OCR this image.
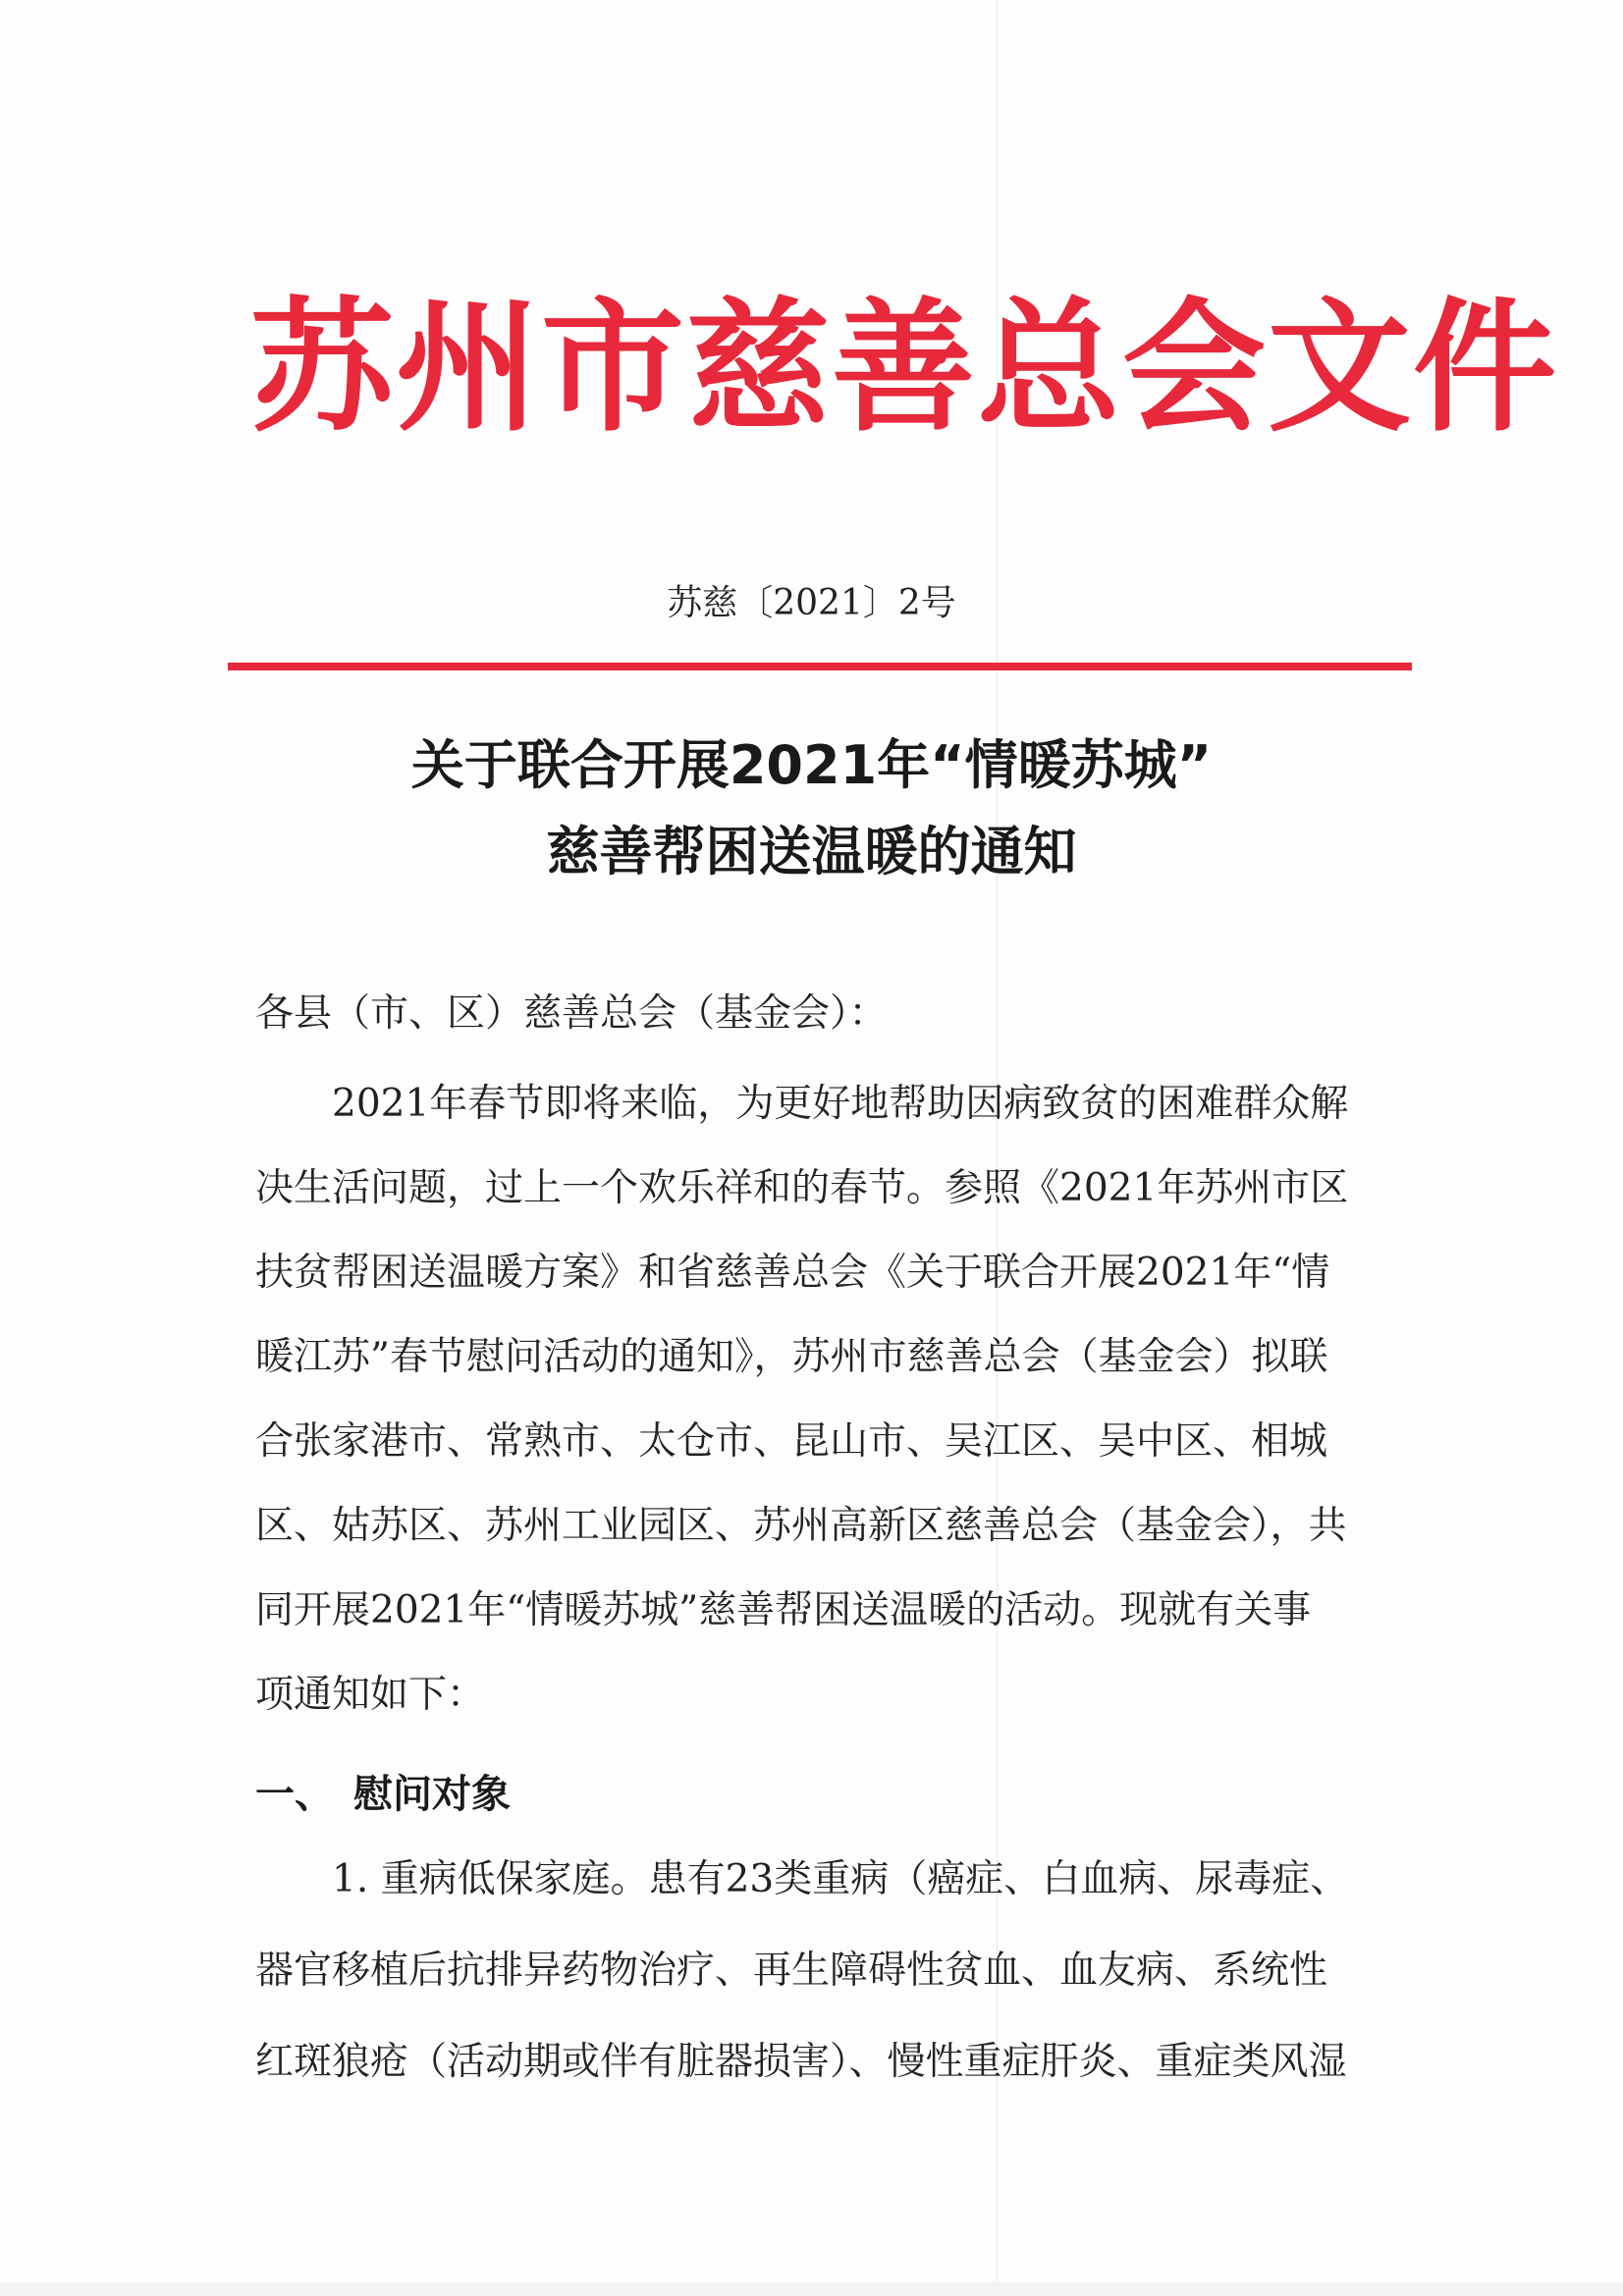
苏州市慈善总会文件
苏慈〔2021〕2号
关于联合开展2021年“情暖苏城”
慈善帮困送温暖的通知
各县（市、区）慈善总会（基金会）：
　　2021年春节即将来临，为更好地帮助因病致贫的困难群众解
决生活问题，过上一个欢乐祥和的春节。参照《2021年苏州市区
扶贫帮困送温暖方案》和省慈善总会《关于联合开展2021年“情
暖江苏”春节慰问活动的通知》，苏州市慈善总会（基金会）拟联
合张家港市、常熟市、太仓市、昆山市、吴江区、吴中区、相城
区、姑苏区、苏州工业园区、苏州高新区慈善总会（基金会），共
同开展2021年“情暖苏城”慈善帮困送温暖的活动。现就有关事
项通知如下：
一、 慰问对象
　　1. 重病低保家庭。患有23类重病（癌症、白血病、尿毒症、
器官移植后抗排异药物治疗、再生障碍性贫血、血友病、系统性
红斑狼疮（活动期或伴有脏器损害）、慢性重症肝炎、重症类风湿
